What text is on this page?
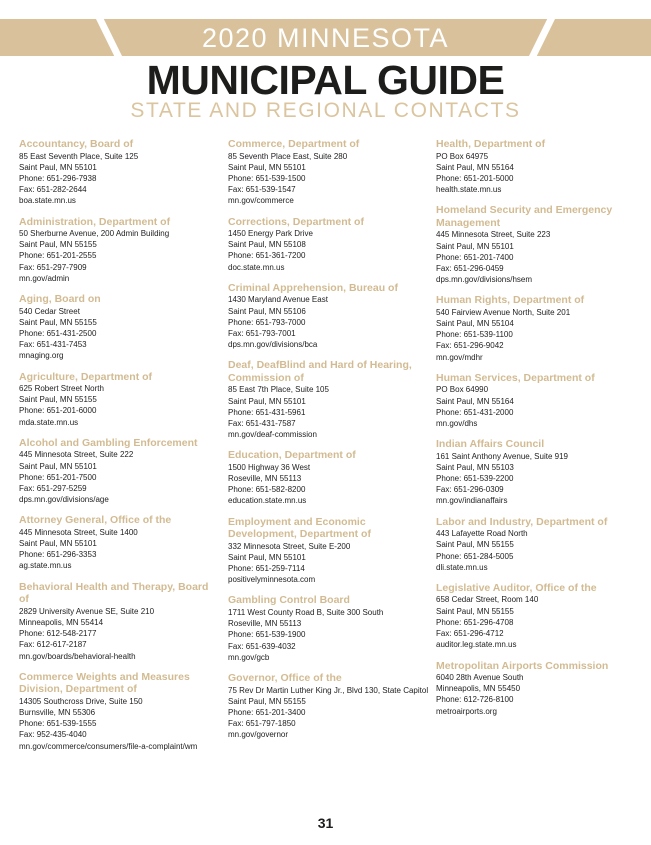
2020 MINNESOTA
MUNICIPAL GUIDE
STATE AND REGIONAL CONTACTS
Accountancy, Board of
85 East Seventh Place, Suite 125
Saint Paul, MN 55101
Phone: 651-296-7938
Fax: 651-282-2644
boa.state.mn.us
Administration, Department of
50 Sherburne Avenue, 200 Admin Building
Saint Paul, MN 55155
Phone: 651-201-2555
Fax: 651-297-7909
mn.gov/admin
Aging, Board on
540 Cedar Street
Saint Paul, MN 55155
Phone: 651-431-2500
Fax: 651-431-7453
mnaging.org
Agriculture, Department of
625 Robert Street North
Saint Paul, MN 55155
Phone: 651-201-6000
mda.state.mn.us
Alcohol and Gambling Enforcement
445 Minnesota Street, Suite 222
Saint Paul, MN 55101
Phone: 651-201-7500
Fax: 651-297-5259
dps.mn.gov/divisions/age
Attorney General, Office of the
445 Minnesota Street, Suite 1400
Saint Paul, MN 55101
Phone: 651-296-3353
ag.state.mn.us
Behavioral Health and Therapy, Board of
2829 University Avenue SE, Suite 210
Minneapolis, MN 55414
Phone: 612-548-2177
Fax: 612-617-2187
mn.gov/boards/behavioral-health
Commerce Weights and Measures Division, Department of
14305 Southcross Drive, Suite 150
Burnsville, MN 55306
Phone: 651-539-1555
Fax: 952-435-4040
mn.gov/commerce/consumers/file-a-complaint/wm
Commerce, Department of
85 Seventh Place East, Suite 280
Saint Paul, MN 55101
Phone: 651-539-1500
Fax: 651-539-1547
mn.gov/commerce
Corrections, Department of
1450 Energy Park Drive
Saint Paul, MN 55108
Phone: 651-361-7200
doc.state.mn.us
Criminal Apprehension, Bureau of
1430 Maryland Avenue East
Saint Paul, MN 55106
Phone: 651-793-7000
Fax: 651-793-7001
dps.mn.gov/divisions/bca
Deaf, DeafBlind and Hard of Hearing, Commission of
85 East 7th Place, Suite 105
Saint Paul, MN 55101
Phone: 651-431-5961
Fax: 651-431-7587
mn.gov/deaf-commission
Education, Department of
1500 Highway 36 West
Roseville, MN 55113
Phone: 651-582-8200
education.state.mn.us
Employment and Economic Development, Department of
332 Minnesota Street, Suite E-200
Saint Paul, MN 55101
Phone: 651-259-7114
positivelyminnesota.com
Gambling Control Board
1711 West County Road B, Suite 300 South
Roseville, MN 55113
Phone: 651-539-1900
Fax: 651-639-4032
mn.gov/gcb
Governor, Office of the
75 Rev Dr Martin Luther King Jr., Blvd 130, State Capitol
Saint Paul, MN 55155
Phone: 651-201-3400
Fax: 651-797-1850
mn.gov/governor
Health, Department of
PO Box 64975
Saint Paul, MN 55164
Phone: 651-201-5000
health.state.mn.us
Homeland Security and Emergency Management
445 Minnesota Street, Suite 223
Saint Paul, MN 55101
Phone: 651-201-7400
Fax: 651-296-0459
dps.mn.gov/divisions/hsem
Human Rights, Department of
540 Fairview Avenue North, Suite 201
Saint Paul, MN 55104
Phone: 651-539-1100
Fax: 651-296-9042
mn.gov/mdhr
Human Services, Department of
PO Box 64990
Saint Paul, MN 55164
Phone: 651-431-2000
mn.gov/dhs
Indian Affairs Council
161 Saint Anthony Avenue, Suite 919
Saint Paul, MN 55103
Phone: 651-539-2200
Fax: 651-296-0309
mn.gov/indianaffairs
Labor and Industry, Department of
443 Lafayette Road North
Saint Paul, MN 55155
Phone: 651-284-5005
dli.state.mn.us
Legislative Auditor, Office of the
658 Cedar Street, Room 140
Saint Paul, MN 55155
Phone: 651-296-4708
Fax: 651-296-4712
auditor.leg.state.mn.us
Metropolitan Airports Commission
6040 28th Avenue South
Minneapolis, MN 55450
Phone: 612-726-8100
metroairports.org
31
